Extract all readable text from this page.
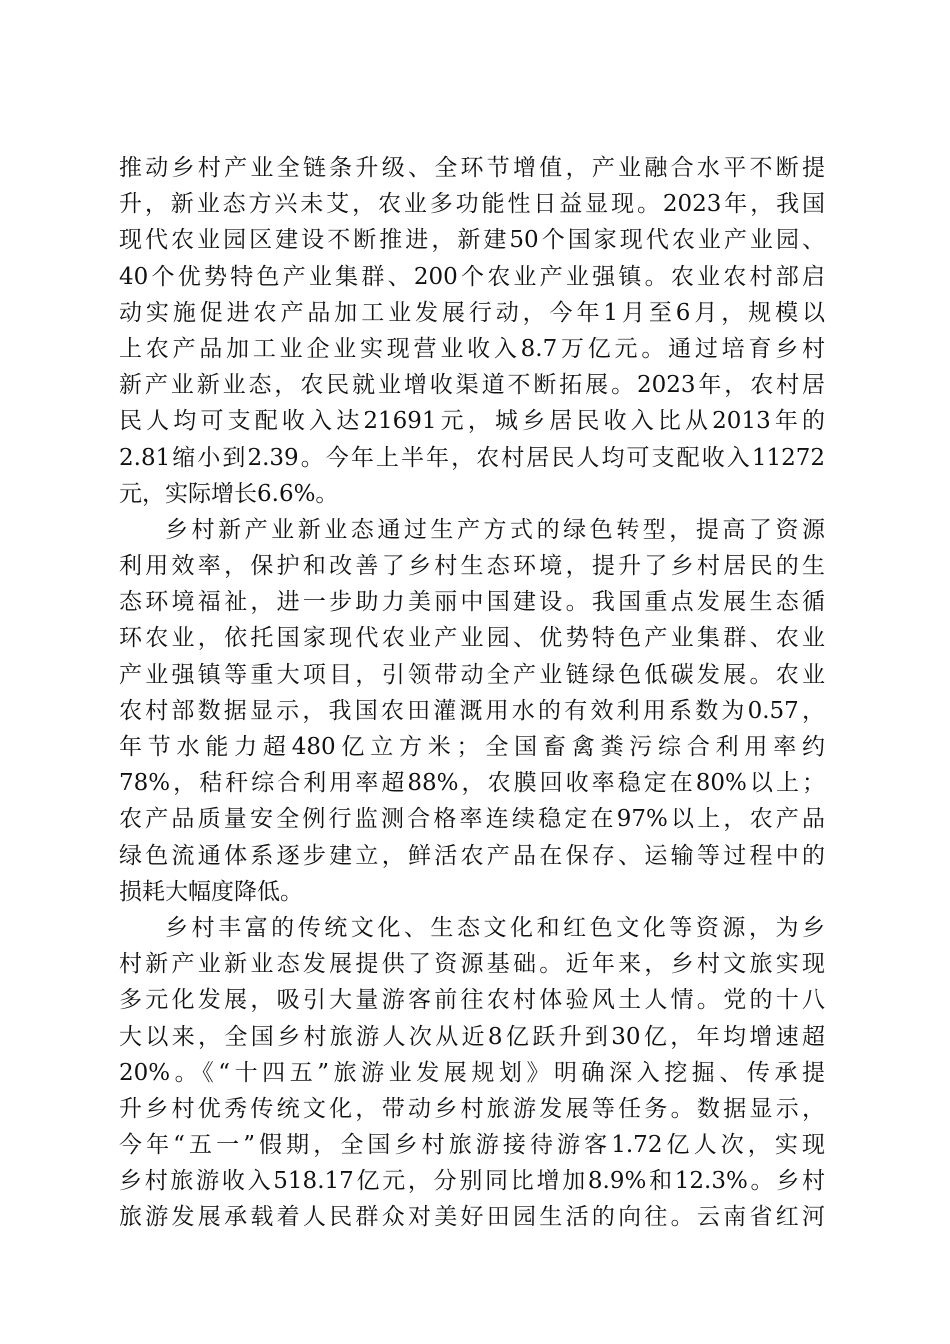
推动乡村产业全链条升级、全环节增值，产业融合水平不断提
升，新业态方兴未艾，农业多功能性日益显现。2023年，我国
现代农业园区建设不断推进，新建50个国家现代农业产业园、
40个优势特色产业集群、200个农业产业强镇。农业农村部启
动实施促进农产品加工业发展行动，今年1月至6月，规模以
上农产品加工业企业实现营业收入8.7万亿元。通过培育乡村
新产业新业态，农民就业增收渠道不断拓展。2023年，农村居
民人均可支配收入达21691元，城乡居民收入比从2013年的
2.81缩小到2.39。今年上半年，农村居民人均可支配收入11272
元，实际增长6.6%。
乡村新产业新业态通过生产方式的绿色转型，提高了资源
利用效率，保护和改善了乡村生态环境，提升了乡村居民的生
态环境福祉，进一步助力美丽中国建设。我国重点发展生态循
环农业，依托国家现代农业产业园、优势特色产业集群、农业
产业强镇等重大项目，引领带动全产业链绿色低碳发展。农业
农村部数据显示，我国农田灌溉用水的有效利用系数为0.57，
年节水能力超480亿立方米；全国畜禽粪污综合利用率约
78%，秸秆综合利用率超88%，农膜回收率稳定在80%以上；
农产品质量安全例行监测合格率连续稳定在97%以上，农产品
绿色流通体系逐步建立，鲜活农产品在保存、运输等过程中的
损耗大幅度降低。
乡村丰富的传统文化、生态文化和红色文化等资源，为乡
村新产业新业态发展提供了资源基础。近年来，乡村文旅实现
多元化发展，吸引大量游客前往农村体验风土人情。党的十八
大以来，全国乡村旅游人次从近8亿跃升到30亿，年均增速超
20%。《“十四五”旅游业发展规划》明确深入挖掘、传承提
升乡村优秀传统文化，带动乡村旅游发展等任务。数据显示，
今年“五一”假期，全国乡村旅游接待游客1.72亿人次，实现
乡村旅游收入518.17亿元，分别同比增加8.9%和12.3%。乡村
旅游发展承载着人民群众对美好田园生活的向往。云南省红河
